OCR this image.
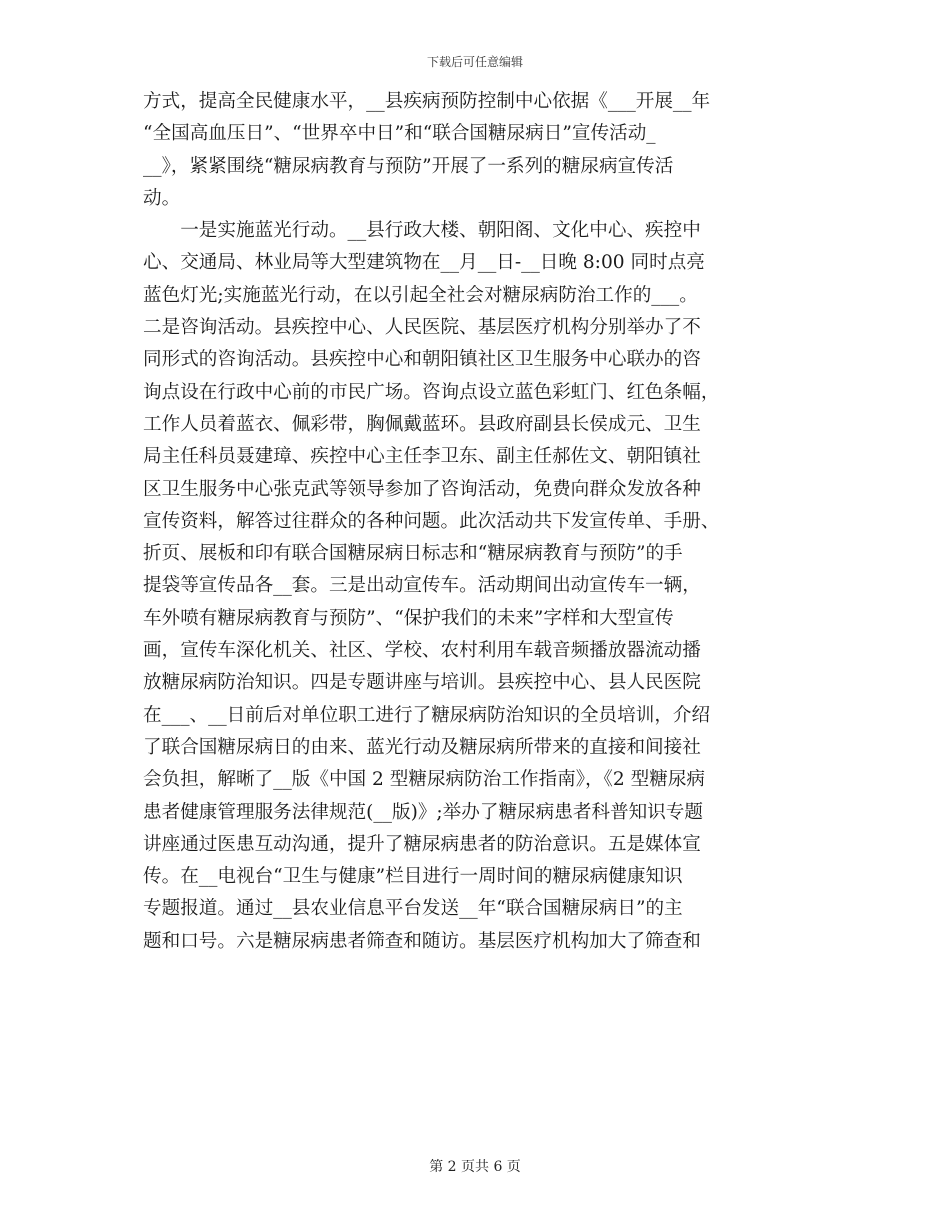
下载后可任意编辑
方式，提高全民健康水平，__县疾病预防控制中心依据《___开展__年
“全国高血压日”、“世界卒中日”和“联合国糖尿病日”宣传活动_
__》，紧紧围绕“糖尿病教育与预防”开展了一系列的糖尿病宣传活
动。
　　一是实施蓝光行动。__县行政大楼、朝阳阁、文化中心、疾控中
心、交通局、林业局等大型建筑物在__月__日-__日晚 8:00 同时点亮
蓝色灯光;实施蓝光行动，在以引起全社会对糖尿病防治工作的___。
二是咨询活动。县疾控中心、人民医院、基层医疗机构分别举办了不
同形式的咨询活动。县疾控中心和朝阳镇社区卫生服务中心联办的咨
询点设在行政中心前的市民广场。咨询点设立蓝色彩虹门、红色条幅，
工作人员着蓝衣、佩彩带，胸佩戴蓝环。县政府副县长侯成元、卫生
局主任科员聂建璋、疾控中心主任李卫东、副主任郝佐文、朝阳镇社
区卫生服务中心张克武等领导参加了咨询活动，免费向群众发放各种
宣传资料，解答过往群众的各种问题。此次活动共下发宣传单、手册、
折页、展板和印有联合国糖尿病日标志和“糖尿病教育与预防”的手
提袋等宣传品各__套。三是出动宣传车。活动期间出动宣传车一辆，
车外喷有糖尿病教育与预防”、“保护我们的未来”字样和大型宣传
画，宣传车深化机关、社区、学校、农村利用车载音频播放器流动播
放糖尿病防治知识。四是专题讲座与培训。县疾控中心、县人民医院
在___、__日前后对单位职工进行了糖尿病防治知识的全员培训，介绍
了联合国糖尿病日的由来、蓝光行动及糖尿病所带来的直接和间接社
会负担，解晰了__版《中国 2 型糖尿病防治工作指南》，《2 型糖尿病
患者健康管理服务法律规范(__版)》;举办了糖尿病患者科普知识专题
讲座通过医患互动沟通，提升了糖尿病患者的防治意识。五是媒体宣
传。在__电视台“卫生与健康”栏目进行一周时间的糖尿病健康知识
专题报道。通过__县农业信息平台发送__年“联合国糖尿病日”的主
题和口号。六是糖尿病患者筛查和随访。基层医疗机构加大了筛查和
第 2 页共 6 页
